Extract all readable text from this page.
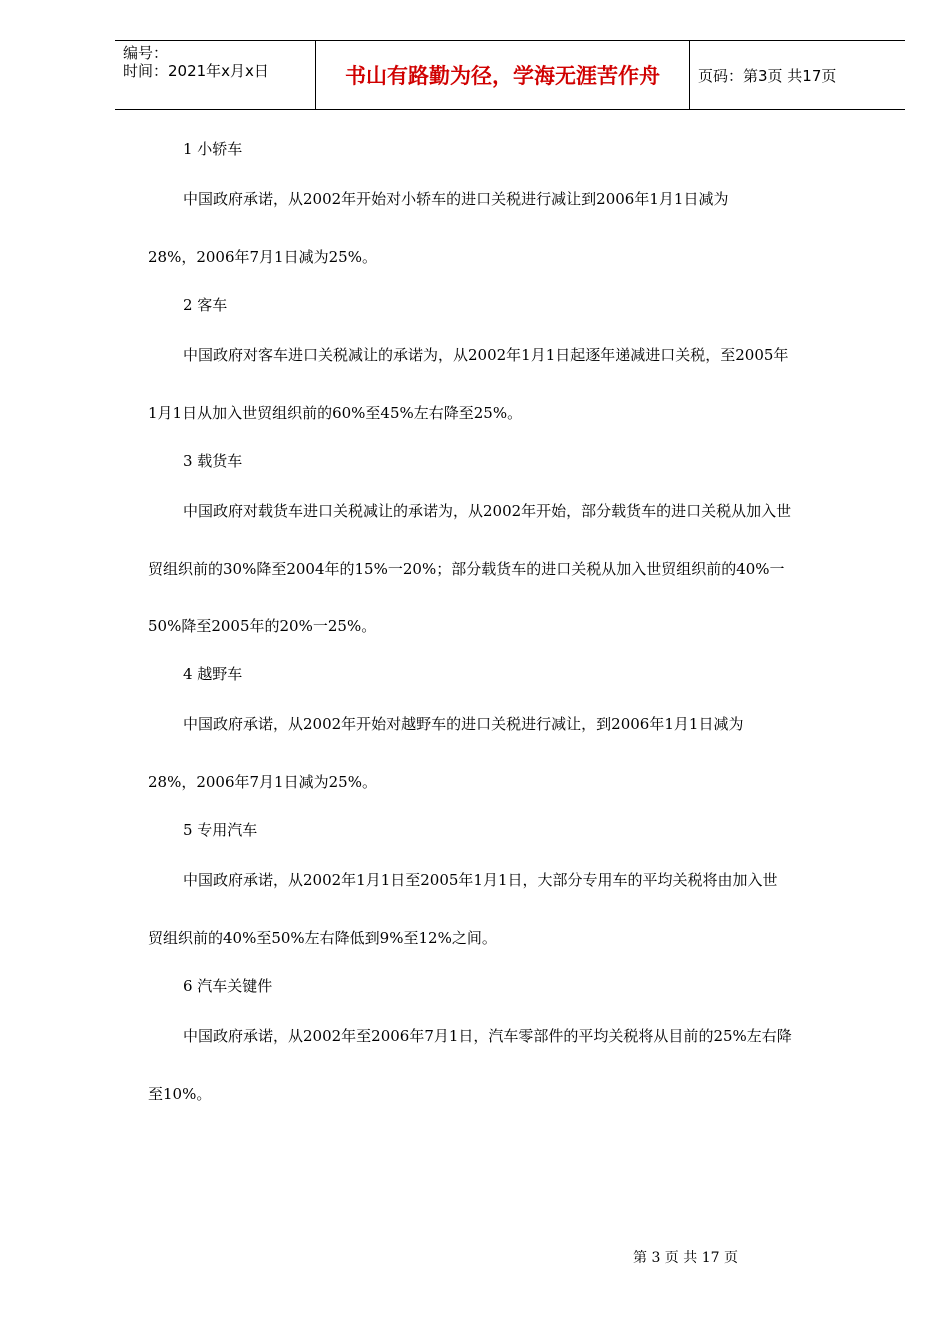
编号：
时间：2021年x月x日	书山有路勤为径，学海无涯苦作舟	页码：第3页 共17页
1 小轿车
中国政府承诺，从2002年开始对小轿车的进口关税进行减让到2006年1月1日减为
28%，2006年7月1日减为25%。
2 客车
中国政府对客车进口关税减让的承诺为，从2002年1月1日起逐年递减进口关税，至2005年
1月1日从加入世贸组织前的60%至45%左右降至25%。
3 载货车
中国政府对载货车进口关税减让的承诺为，从2002年开始，部分载货车的进口关税从加入世
贸组织前的30%降至2004年的15%一20%；部分载货车的进口关税从加入世贸组织前的40%一
50%降至2005年的20%一25%。
4 越野车
中国政府承诺，从2002年开始对越野车的进口关税进行减让，到2006年1月1日减为
28%，2006年7月1日减为25%。
5 专用汽车
中国政府承诺，从2002年1月1日至2005年1月1日，大部分专用车的平均关税将由加入世
贸组织前的40%至50%左右降低到9%至12%之间。
6 汽车关键件
中国政府承诺，从2002年至2006年7月1日，汽车零部件的平均关税将从目前的25%左右降
至10%。
第 3 页 共 17 页
